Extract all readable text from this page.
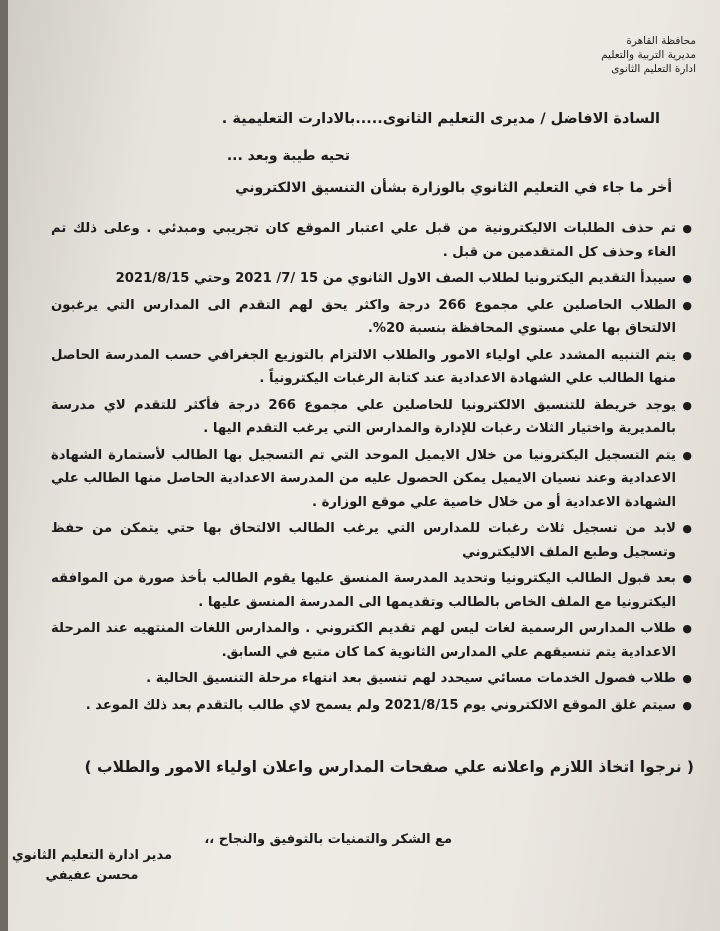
محافظة القاهرة
مديرية التربية والتعليم
ادارة التعليم الثانوى
السادة الافاضل / مديرى التعليم الثانوى.....بالادارت التعليمية .
تحيه طيبة وبعد ...
أخر ما جاء في التعليم الثانوي بالوزارة بشأن التنسيق الالكتروني
●
تم حذف الطلبات الاليكترونية من قبل علي اعتبار الموقع كان تجريبي ومبدئي . وعلى ذلك تم الغاء وحذف كل المتقدمين من قبل .
●
سيبدأ التقديم اليكترونيا لطلاب الصف الاول الثانوي من 15 /7/ 2021 وحتي 2021/8/15
●
الطلاب الحاصلين علي مجموع 266 درجة واكثر يحق لهم التقدم الى المدارس التي يرغبون الالتحاق بها علي مستوي المحافظة بنسبة 20%.
●
يتم التنبيه المشدد علي اولياء الامور والطلاب الالتزام بالتوزيع الجغرافي حسب المدرسة الحاصل منها الطالب علي الشهادة الاعدادية عند كتابة الرغبات اليكترونياً .
●
يوجد خريطة للتنسيق الالكترونيا للحاصلين علي مجموع 266 درجة فأكثر للتقدم لاي مدرسة بالمديرية واختيار الثلاث رغبات للإدارة والمدارس التي يرغب التقدم اليها .
●
يتم التسجيل اليكترونيا من خلال الايميل الموحد التي تم التسجيل بها الطالب لأستمارة الشهادة الاعدادية وعند نسيان الايميل يمكن الحصول عليه من المدرسة الاعدادية الحاصل منها الطالب علي الشهادة الاعدادية أو من خلال خاصية علي موقع الوزارة .
●
لابد من تسجيل ثلاث رغبات للمدارس التي يرغب الطالب الالتحاق بها حتي يتمكن من حفظ وتسجيل وطبع الملف الاليكتروني
●
بعد قبول الطالب اليكترونيا وتحديد المدرسة المنسق عليها يقوم الطالب بأخذ صورة من الموافقه اليكترونيا مع الملف الخاص بالطالب وتقديمها الى المدرسة المنسق عليها .
●
طلاب المدارس الرسمية لغات ليس لهم تقديم الكتروني . والمدارس اللغات المنتهيه عند المرحلة الاعدادية يتم تنسيقهم علي المدارس الثانوية كما كان متبع في السابق.
●
طلاب فصول الخدمات مسائي سيحدد لهم تنسيق بعد انتهاء مرحلة التنسيق الحالية .
●
سيتم غلق الموقع الالكتروني يوم 2021/8/15 ولم يسمح لاي طالب بالتقدم بعد ذلك الموعد .
( نرجوا اتخاذ اللازم واعلانه علي صفحات المدارس واعلان اولياء الامور والطلاب )
مع الشكر والتمنيات بالتوفيق والنجاح ،،
مدير ادارة التعليم الثانوي
محسن عفيفي
